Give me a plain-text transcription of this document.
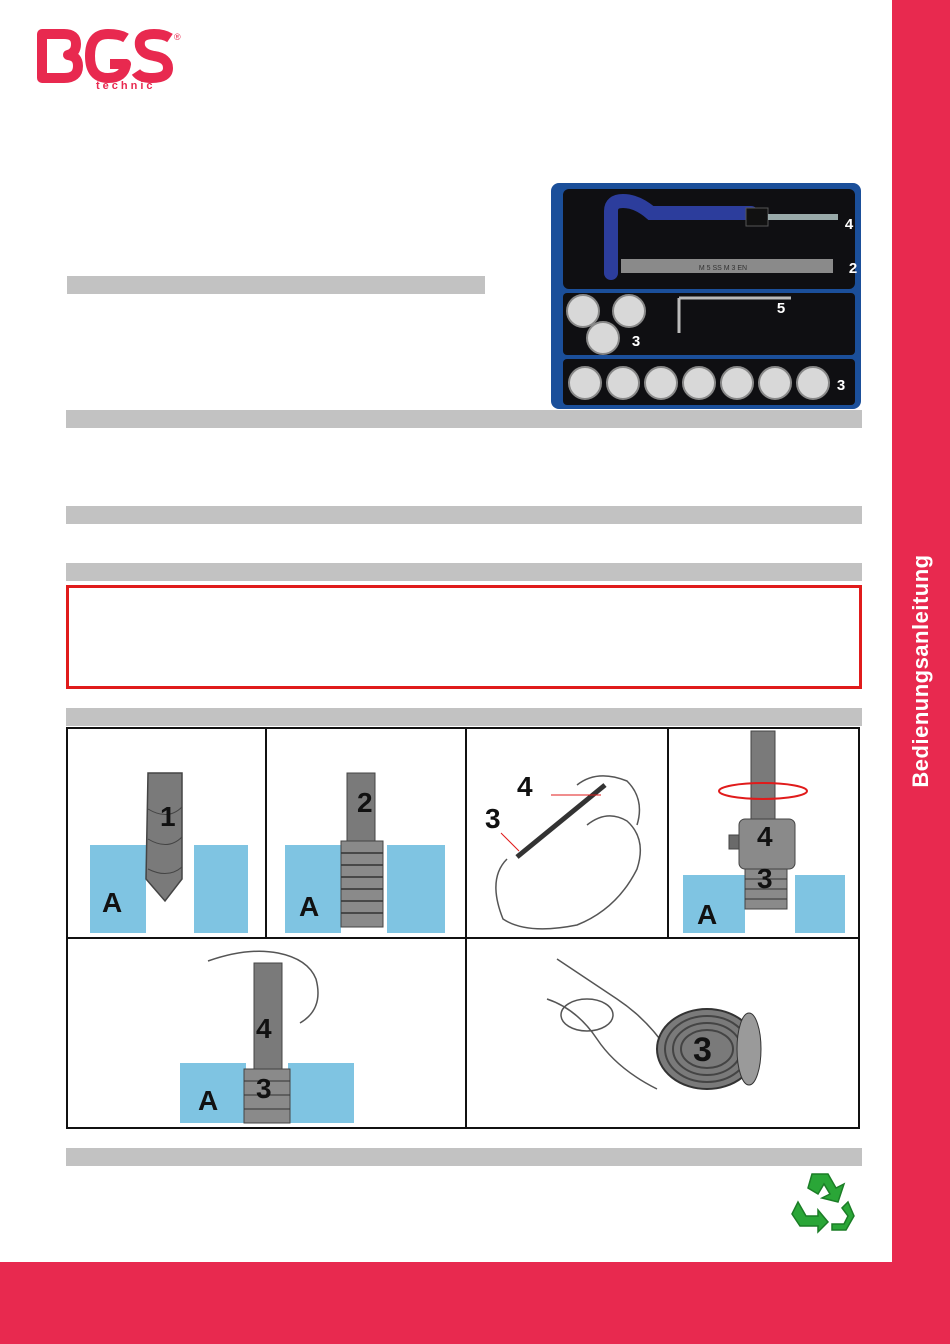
®
technic
M 5 SS M 3 EN
4
2
5
3
3
1
A
2
A
4
3
4
3
A
4
3
A
3
Bedienungsanleitung
